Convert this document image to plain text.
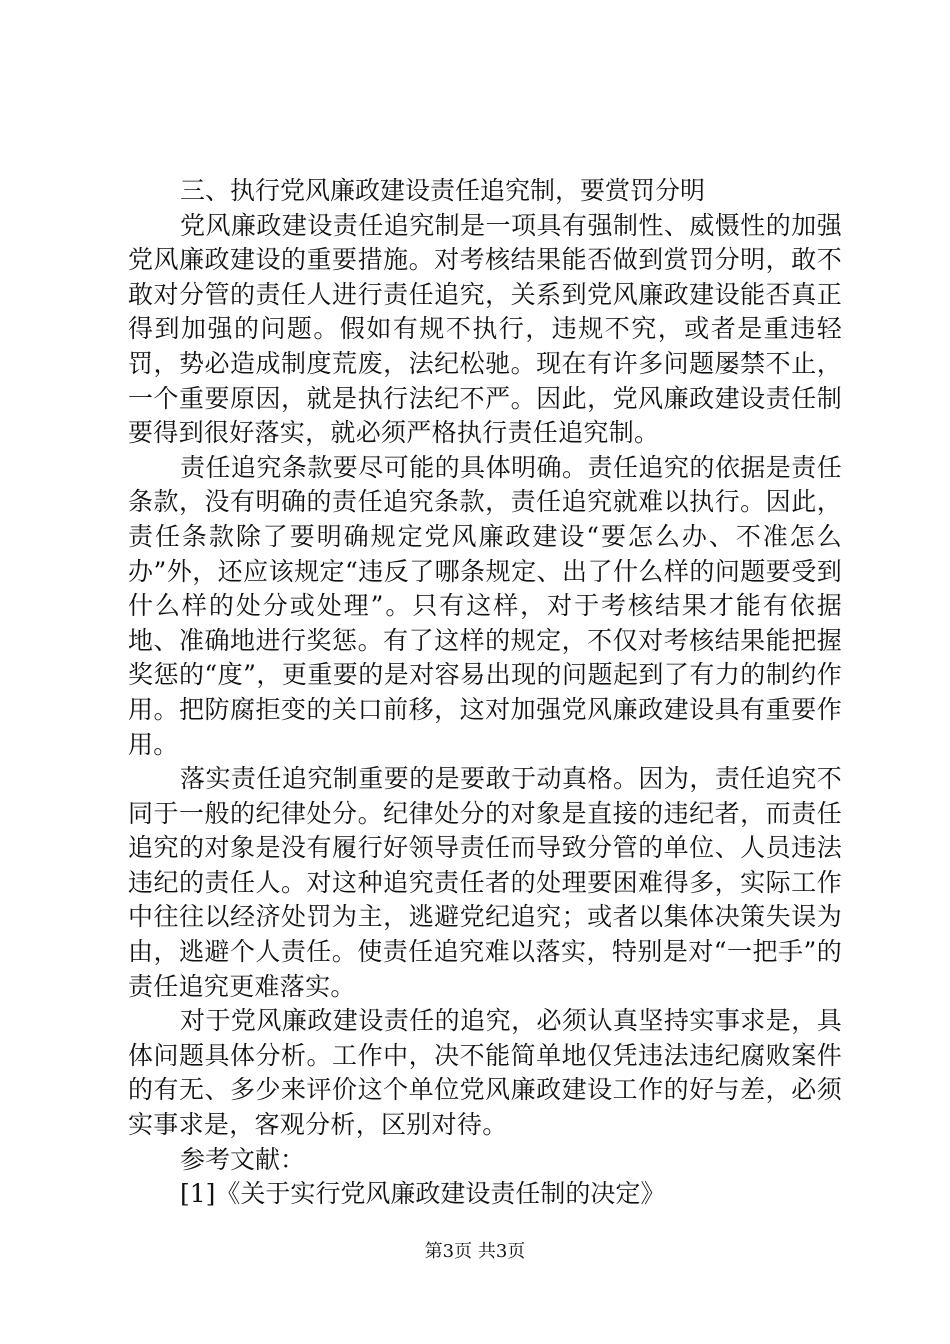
三、执行党风廉政建设责任追究制，要赏罚分明

党风廉政建设责任追究制是一项具有强制性、威慑性的加强党风廉政建设的重要措施。对考核结果能否做到赏罚分明，敢不敢对分管的责任人进行责任追究，关系到党风廉政建设能否真正得到加强的问题。假如有规不执行，违规不究，或者是重违轻罚，势必造成制度荒废，法纪松驰。现在有许多问题屡禁不止，一个重要原因，就是执行法纪不严。因此，党风廉政建设责任制要得到很好落实，就必须严格执行责任追究制。

责任追究条款要尽可能的具体明确。责任追究的依据是责任条款，没有明确的责任追究条款，责任追究就难以执行。因此，责任条款除了要明确规定党风廉政建设“要怎么办、不准怎么办”外，还应该规定“违反了哪条规定、出了什么样的问题要受到什么样的处分或处理”。只有这样，对于考核结果才能有依据地、准确地进行奖惩。有了这样的规定，不仅对考核结果能把握奖惩的“度”，更重要的是对容易出现的问题起到了有力的制约作用。把防腐拒变的关口前移，这对加强党风廉政建设具有重要作用。

落实责任追究制重要的是要敢于动真格。因为，责任追究不同于一般的纪律处分。纪律处分的对象是直接的违纪者，而责任追究的对象是没有履行好领导责任而导致分管的单位、人员违法违纪的责任人。对这种追究责任者的处理要困难得多，实际工作中往往以经济处罚为主，逃避党纪追究；或者以集体决策失误为由，逃避个人责任。使责任追究难以落实，特别是对“一把手”的责任追究更难落实。

对于党风廉政建设责任的追究，必须认真坚持实事求是，具体问题具体分析。工作中，决不能简单地仅凭违法违纪腐败案件的有无、多少来评价这个单位党风廉政建设工作的好与差，必须实事求是，客观分析，区别对待。

参考文献：

[1]《关于实行党风廉政建设责任制的决定》

第3页 共3页
